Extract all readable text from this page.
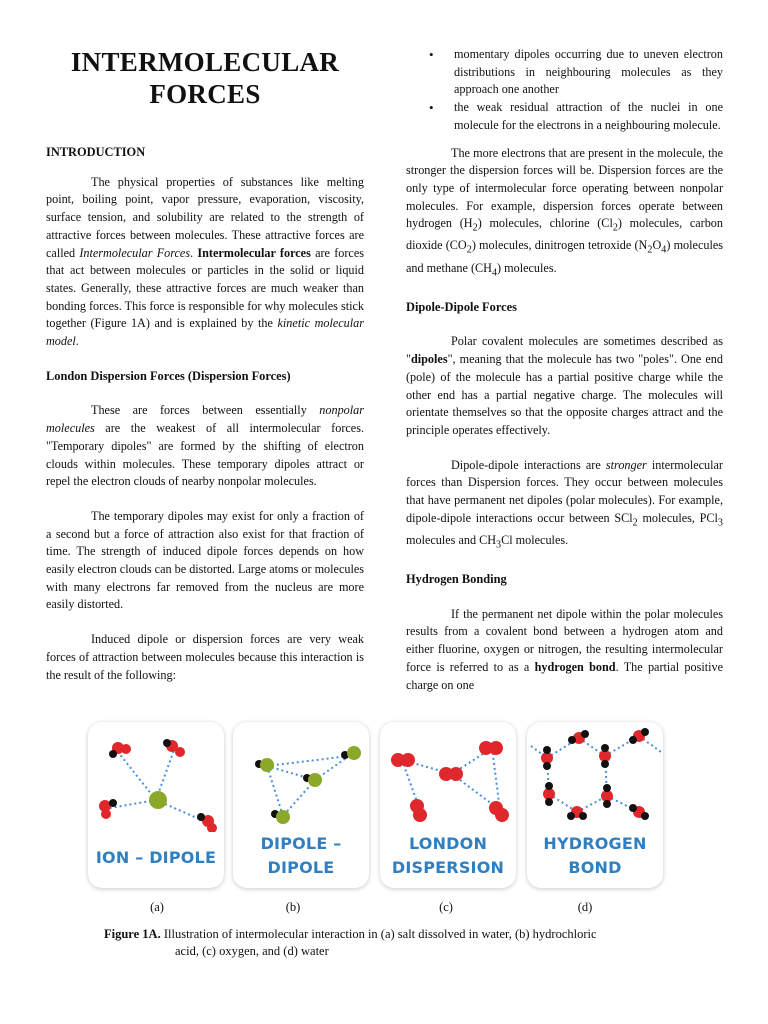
INTERMOLECULAR
FORCES
INTRODUCTION

The physical properties of substances like melting point, boiling point, vapor pressure, evaporation, viscosity, surface tension, and solubility are related to the strength of attractive forces between molecules. These attractive forces are called Intermolecular Forces. Intermolecular forces are forces that act between molecules or particles in the solid or liquid states. Generally, these attractive forces are much weaker than bonding forces. This force is responsible for why molecules stick together (Figure 1A) and is explained by the kinetic molecular model.

London Dispersion Forces (Dispersion Forces)

These are forces between essentially nonpolar molecules are the weakest of all intermolecular forces. "Temporary dipoles" are formed by the shifting of electron clouds within molecules. These temporary dipoles attract or repel the electron clouds of nearby nonpolar molecules.

The temporary dipoles may exist for only a fraction of a second but a force of attraction also exist for that fraction of time. The strength of induced dipole forces depends on how easily electron clouds can be distorted. Large atoms or molecules with many electrons far removed from the nucleus are more easily distorted.

Induced dipole or dispersion forces are very weak forces of attraction between molecules because this interaction is the result of the following:

• momentary dipoles occurring due to uneven electron distributions in neighbouring molecules as they approach one another
• the weak residual attraction of the nuclei in one molecule for the electrons in a neighbouring molecule.

The more electrons that are present in the molecule, the stronger the dispersion forces will be. Dispersion forces are the only type of intermolecular force operating between nonpolar molecules. For example, dispersion forces operate between hydrogen $(H_2)$ molecules, chlorine $(Cl_2)$ molecules, carbon dioxide $(CO_2)$ molecules, dinitrogen tetroxide $(N_2O_4)$ molecules and methane $(CH_4)$ molecules.

Dipole-Dipole Forces

Polar covalent molecules are sometimes described as "dipoles", meaning that the molecule has two "poles". One end (pole) of the molecule has a partial positive charge while the other end has a partial negative charge. The molecules will orientate themselves so that the opposite charges attract and the principle operates effectively.

Dipole-dipole interactions are stronger intermolecular forces than Dispersion forces. They occur between molecules that have permanent net dipoles (polar molecules). For example, dipole-dipole interactions occur between SCl$_2$ molecules, PCl$_3$ molecules and $CH_3Cl$ molecules.

Hydrogen Bonding

If the permanent net dipole within the polar molecules results from a covalent bond between a hydrogen atom and either fluorine, oxygen or nitrogen, the resulting intermolecular force is referred to as a hydrogen bond. The partial positive charge on one

ION – DIPOLE
DIPOLE –
DIPOLE
LONDON
DISPERSION
HYDROGEN
BOND
(a)	(b)	(c)	(d)
Figure 1A. Illustration of intermolecular interaction in (a) salt dissolved in water, (b) hydrochloric
acid, (c) oxygen, and (d) water
